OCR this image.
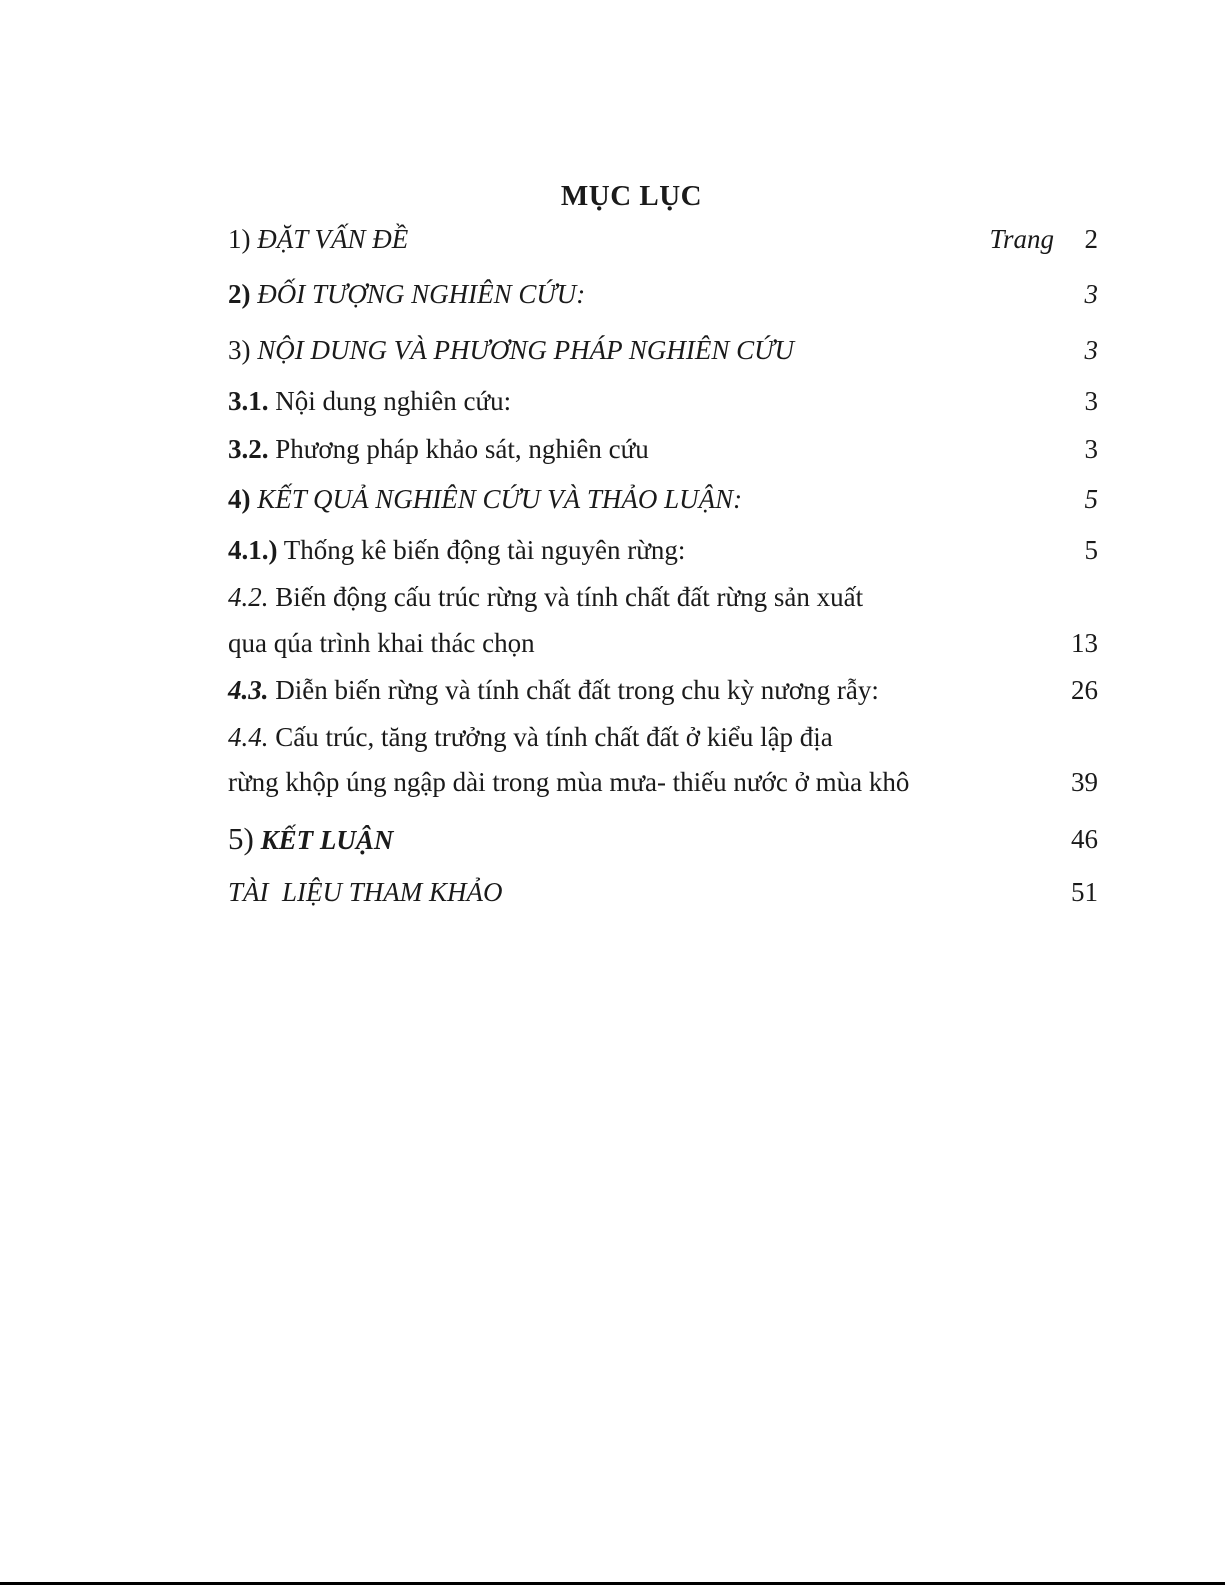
MỤC LỤC
1) ĐẶT VẤN ĐỀ	Trang 2
2) ĐỐI TƯỢNG NGHIÊN CỨU:	3
3) NỘI DUNG VÀ PHƯƠNG PHÁP NGHIÊN CỨU	3
3.1. Nội dung nghiên cứu:	3
3.2. Phương pháp khảo sát, nghiên cứu	3
4) KẾT QUẢ NGHIÊN CỨU VÀ THẢO LUẬN:	5
4.1.) Thống kê biến động tài nguyên rừng:	5
4.2. Biến động cấu trúc rừng và tính chất đất rừng sản xuất
qua qúa trình khai thác chọn	13
4.3. Diễn biến rừng và tính chất đất trong chu kỳ nương rẫy:	26
4.4. Cấu trúc, tăng trưởng và tính chất đất ở kiểu lập địa
rừng khộp úng ngập dài trong mùa mưa- thiếu nước ở mùa khô	39
5) KẾT LUẬN	46
TÀI  LIỆU THAM KHẢO	51
